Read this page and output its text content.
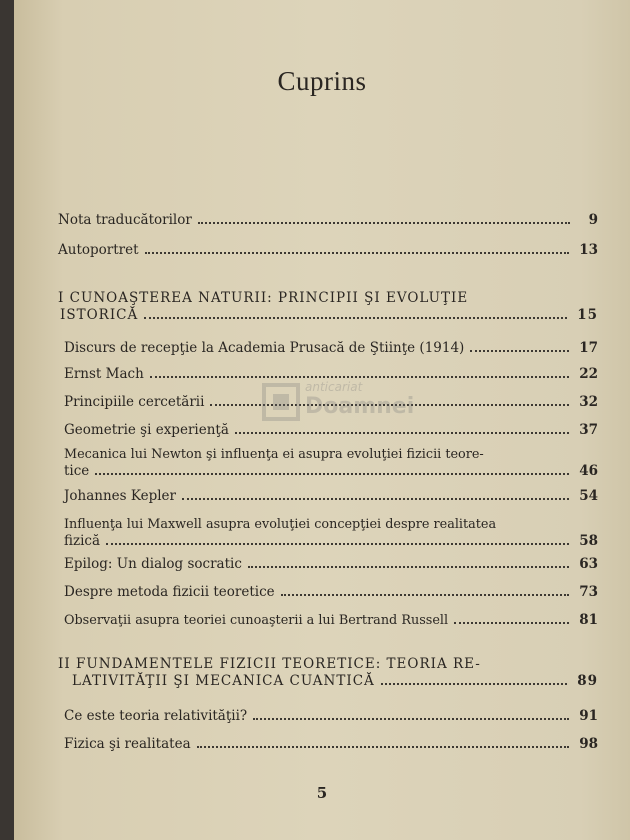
Cuprins
Nota traducătorilor	9
Autoportret	13
I CUNOAŞTEREA NATURII: PRINCIPII ŞI EVOLUŢIE
ISTORICĂ	15
Discurs de recepţie la Academia Prusacă de Ştiinţe (1914)	17
Ernst Mach	22
Principiile cercetării	32
Geometrie şi experienţă	37
Mecanica lui Newton şi influenţa ei asupra evoluţiei fizicii teore-
tice	46
Johannes Kepler	54
Influenţa lui Maxwell asupra evoluţiei concepţiei despre realitatea
fizică	58
Epilog: Un dialog socratic	63
Despre metoda fizicii teoretice	73
Observaţii asupra teoriei cunoaşterii a lui Bertrand Russell	81
II FUNDAMENTELE FIZICII TEORETICE: TEORIA RE-
LATIVITĂŢII ŞI MECANICA CUANTICĂ	89
Ce este teoria relativităţii?	91
Fizica şi realitatea	98
anticariat
Doamnei
5
